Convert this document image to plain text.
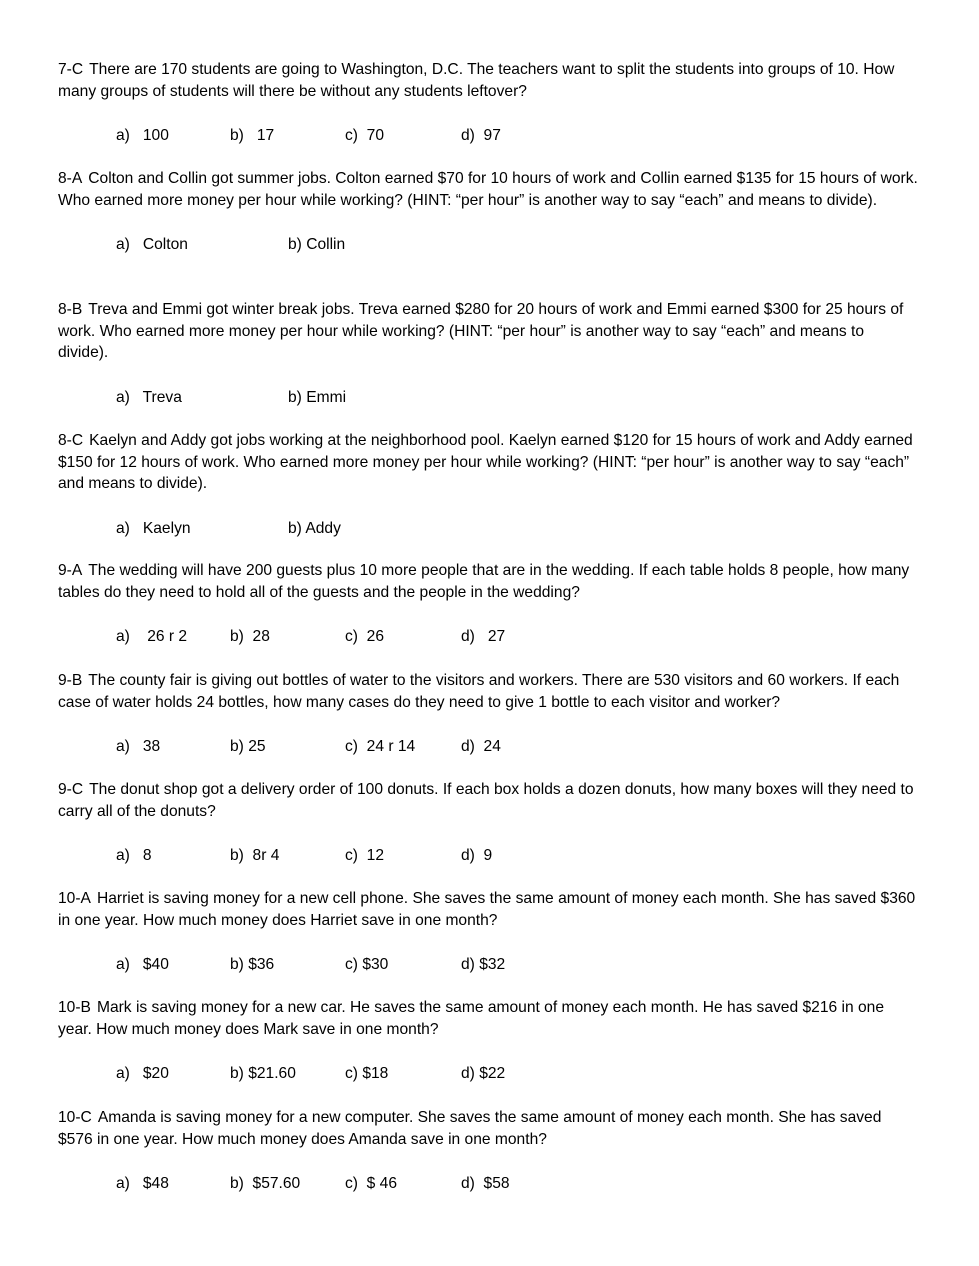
7-C There are 170 students are going to Washington, D.C. The teachers want to split the students into groups of 10. How many groups of students will there be without any students leftover?

a)   100	b)   17	c)  70	d)  97

8-A Colton and Collin got summer jobs. Colton earned $70 for 10 hours of work and Collin earned $135 for 15 hours of work. Who earned more money per hour while working? (HINT: “per hour” is another way to say “each” and means to divide).

a)   Colton	b) Collin

8-B Treva and Emmi got winter break jobs. Treva earned $280 for 20 hours of work and Emmi earned $300 for 25 hours of work. Who earned more money per hour while working? (HINT: “per hour” is another way to say “each” and means to divide).

a)   Treva	b) Emmi

8-C Kaelyn and Addy got jobs working at the neighborhood pool. Kaelyn earned $120 for 15 hours of work and Addy earned $150 for 12 hours of work. Who earned more money per hour while working? (HINT: “per hour” is another way to say “each” and means to divide).

a)   Kaelyn	b) Addy

9-A The wedding will have 200 guests plus 10 more people that are in the wedding. If each table holds 8 people, how many tables do they need to hold all of the guests and the people in the wedding?

a)    26 r 2	b)  28	c)  26	d)   27

9-B The county fair is giving out bottles of water to the visitors and workers. There are 530 visitors and 60 workers. If each case of water holds 24 bottles, how many cases do they need to give 1 bottle to each visitor and worker?

a)   38	b) 25	c)  24 r 14	d)  24

9-C The donut shop got a delivery order of 100 donuts. If each box holds a dozen donuts, how many boxes will they need to carry all of the donuts?

a)   8	b)  8r 4	c)  12	d)  9

10-A Harriet is saving money for a new cell phone. She saves the same amount of money each month. She has saved $360 in one year. How much money does Harriet save in one month?

a)   $40	b) $36	c) $30	d) $32

10-B Mark is saving money for a new car. He saves the same amount of money each month. He has saved $216 in one year. How much money does Mark save in one month?

a)   $20	b) $21.60	c) $18	d) $22

10-C Amanda is saving money for a new computer. She saves the same amount of money each month. She has saved $576 in one year. How much money does Amanda save in one month?

a)   $48	b)  $57.60	c)  $ 46	d)  $58
